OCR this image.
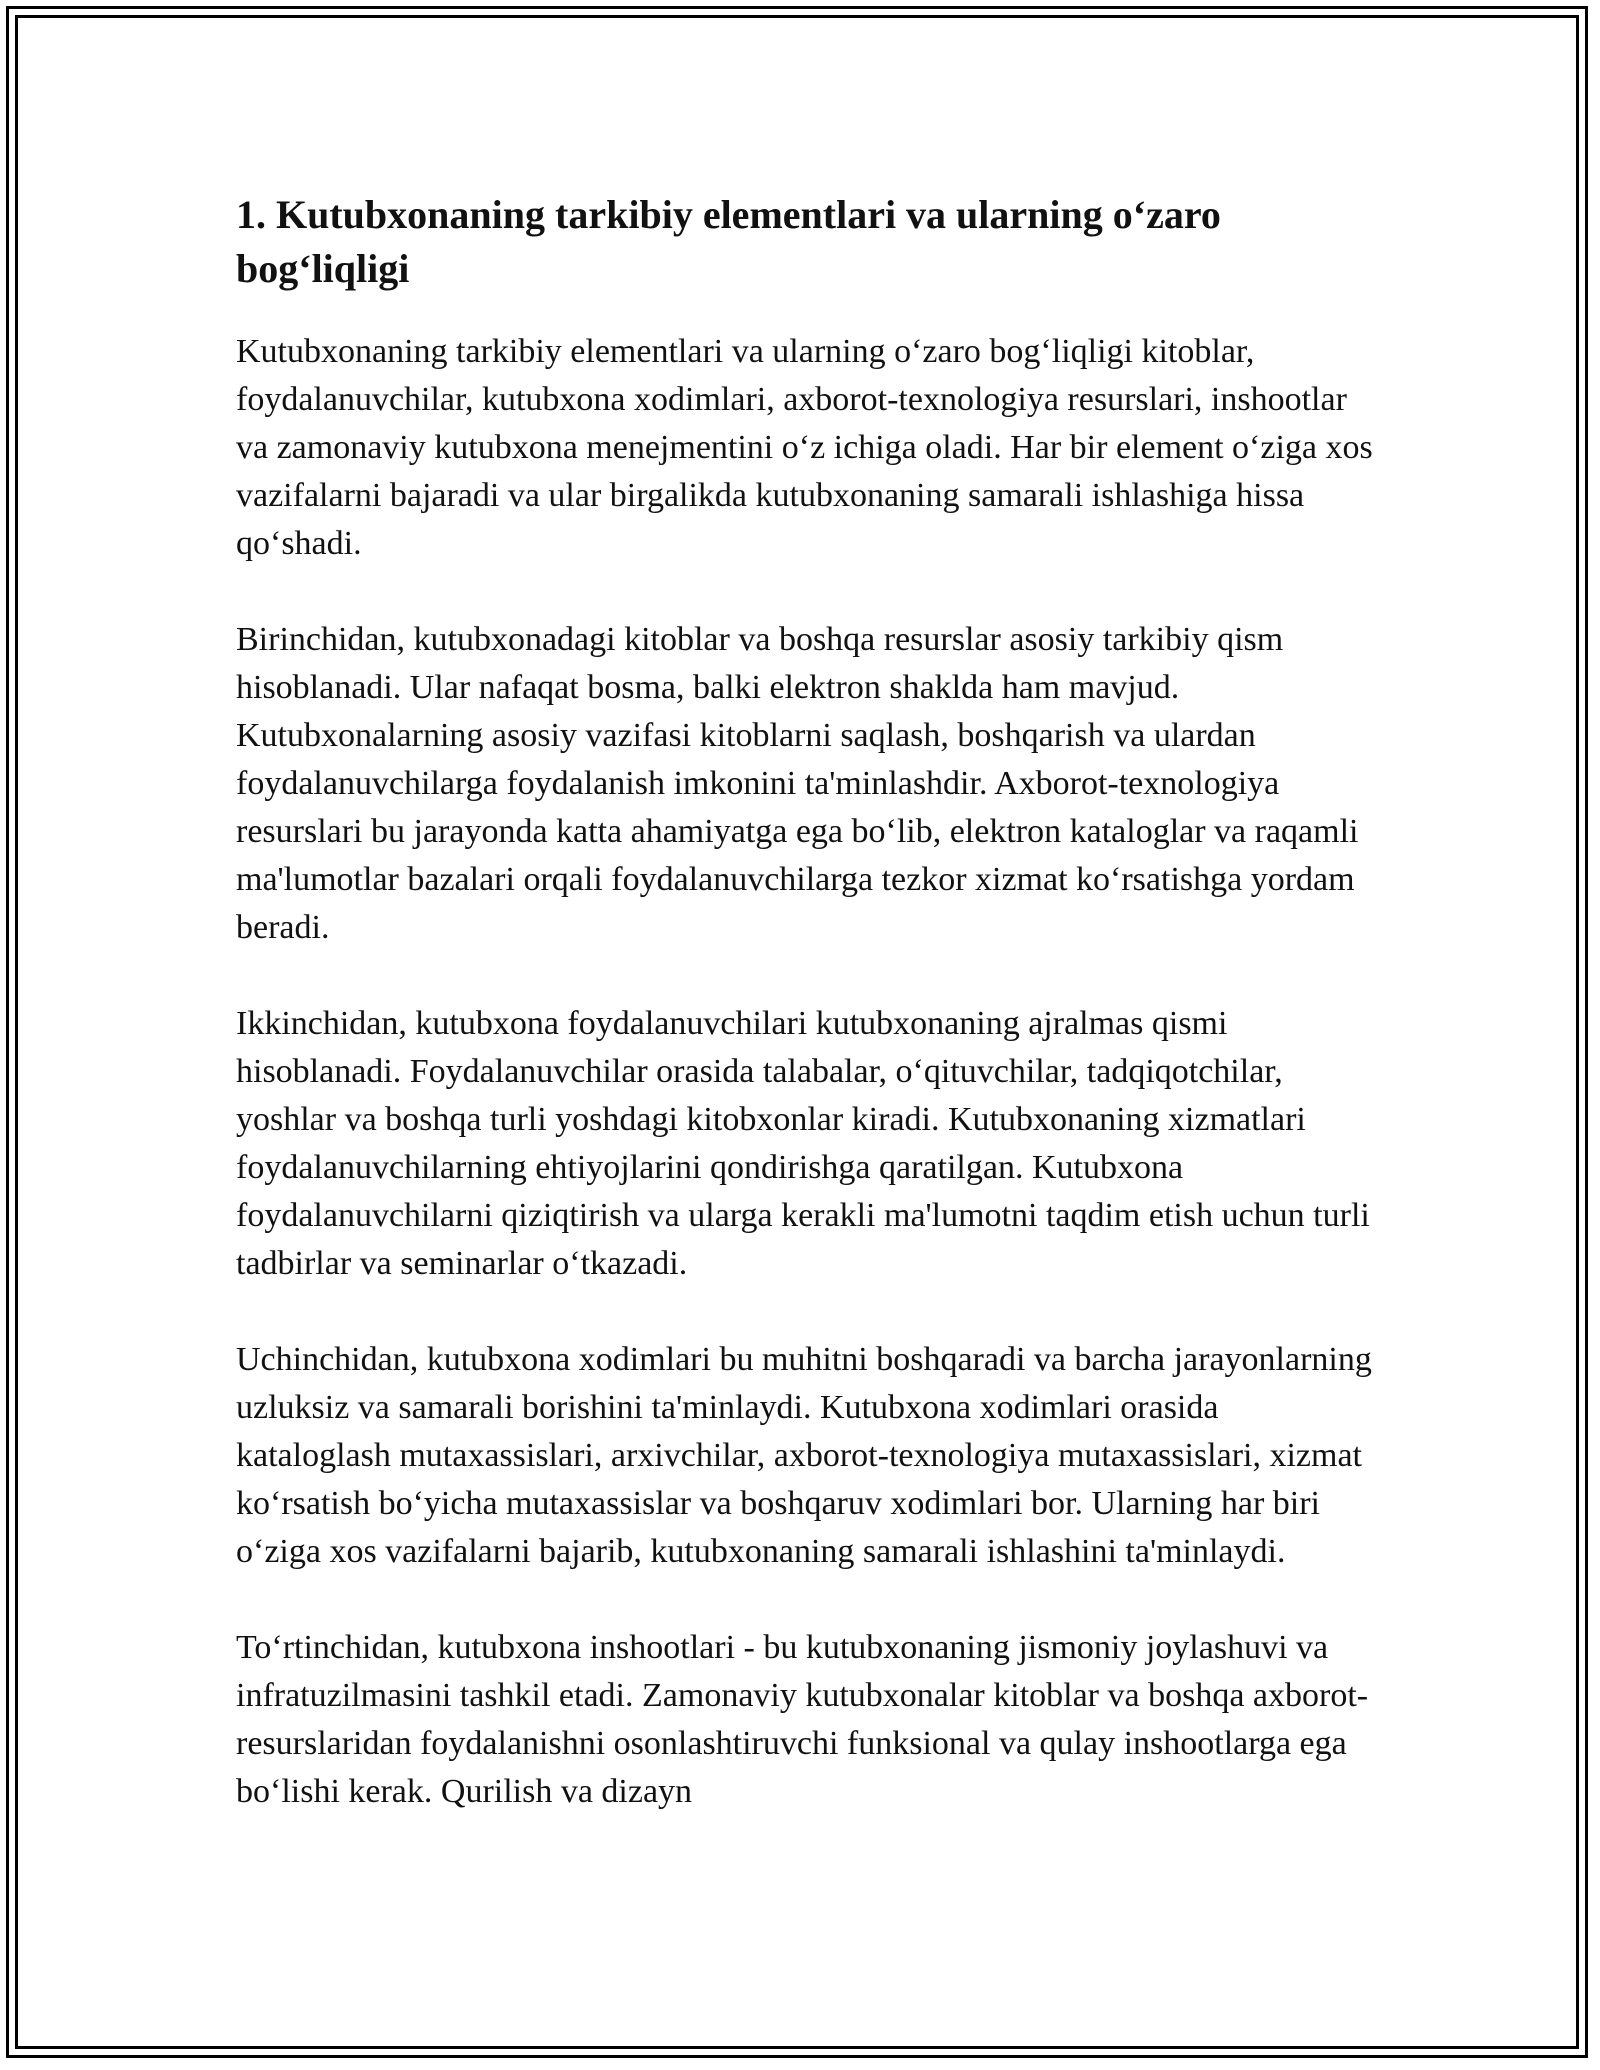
1. Kutubxonaning tarkibiy elementlari va ularning o‘zaro bog‘liqligi

Kutubxonaning tarkibiy elementlari va ularning o‘zaro bog‘liqligi kitoblar, foydalanuvchilar, kutubxona xodimlari, axborot-texnologiya resurslari, inshootlar va zamonaviy kutubxona menejmentini o‘z ichiga oladi. Har bir element o‘ziga xos vazifalarni bajaradi va ular birgalikda kutubxonaning samarali ishlashiga hissa qo‘shadi.

Birinchidan, kutubxonadagi kitoblar va boshqa resurslar asosiy tarkibiy qism hisoblanadi. Ular nafaqat bosma, balki elektron shaklda ham mavjud. Kutubxonalarning asosiy vazifasi kitoblarni saqlash, boshqarish va ulardan foydalanuvchilarga foydalanish imkonini ta'minlashdir. Axborot-texnologiya resurslari bu jarayonda katta ahamiyatga ega bo‘lib, elektron kataloglar va raqamli ma'lumotlar bazalari orqali foydalanuvchilarga tezkor xizmat ko‘rsatishga yordam beradi.

Ikkinchidan, kutubxona foydalanuvchilari kutubxonaning ajralmas qismi hisoblanadi. Foydalanuvchilar orasida talabalar, o‘qituvchilar, tadqiqotchilar, yoshlar va boshqa turli yoshdagi kitobxonlar kiradi. Kutubxonaning xizmatlari foydalanuvchilarning ehtiyojlarini qondirishga qaratilgan. Kutubxona foydalanuvchilarni qiziqtirish va ularga kerakli ma'lumotni taqdim etish uchun turli tadbirlar va seminarlar o‘tkazadi.

Uchinchidan, kutubxona xodimlari bu muhitni boshqaradi va barcha jarayonlarning uzluksiz va samarali borishini ta'minlaydi. Kutubxona xodimlari orasida kataloglash mutaxassislari, arxivchilar, axborot-texnologiya mutaxassislari, xizmat ko‘rsatish bo‘yicha mutaxassislar va boshqaruv xodimlari bor. Ularning har biri o‘ziga xos vazifalarni bajarib, kutubxonaning samarali ishlashini ta'minlaydi.

To‘rtinchidan, kutubxona inshootlari - bu kutubxonaning jismoniy joylashuvi va infratuzilmasini tashkil etadi. Zamonaviy kutubxonalar kitoblar va boshqa axborot-resurslaridan foydalanishni osonlashtiruvchi funksional va qulay inshootlarga ega bo‘lishi kerak. Qurilish va dizayn
